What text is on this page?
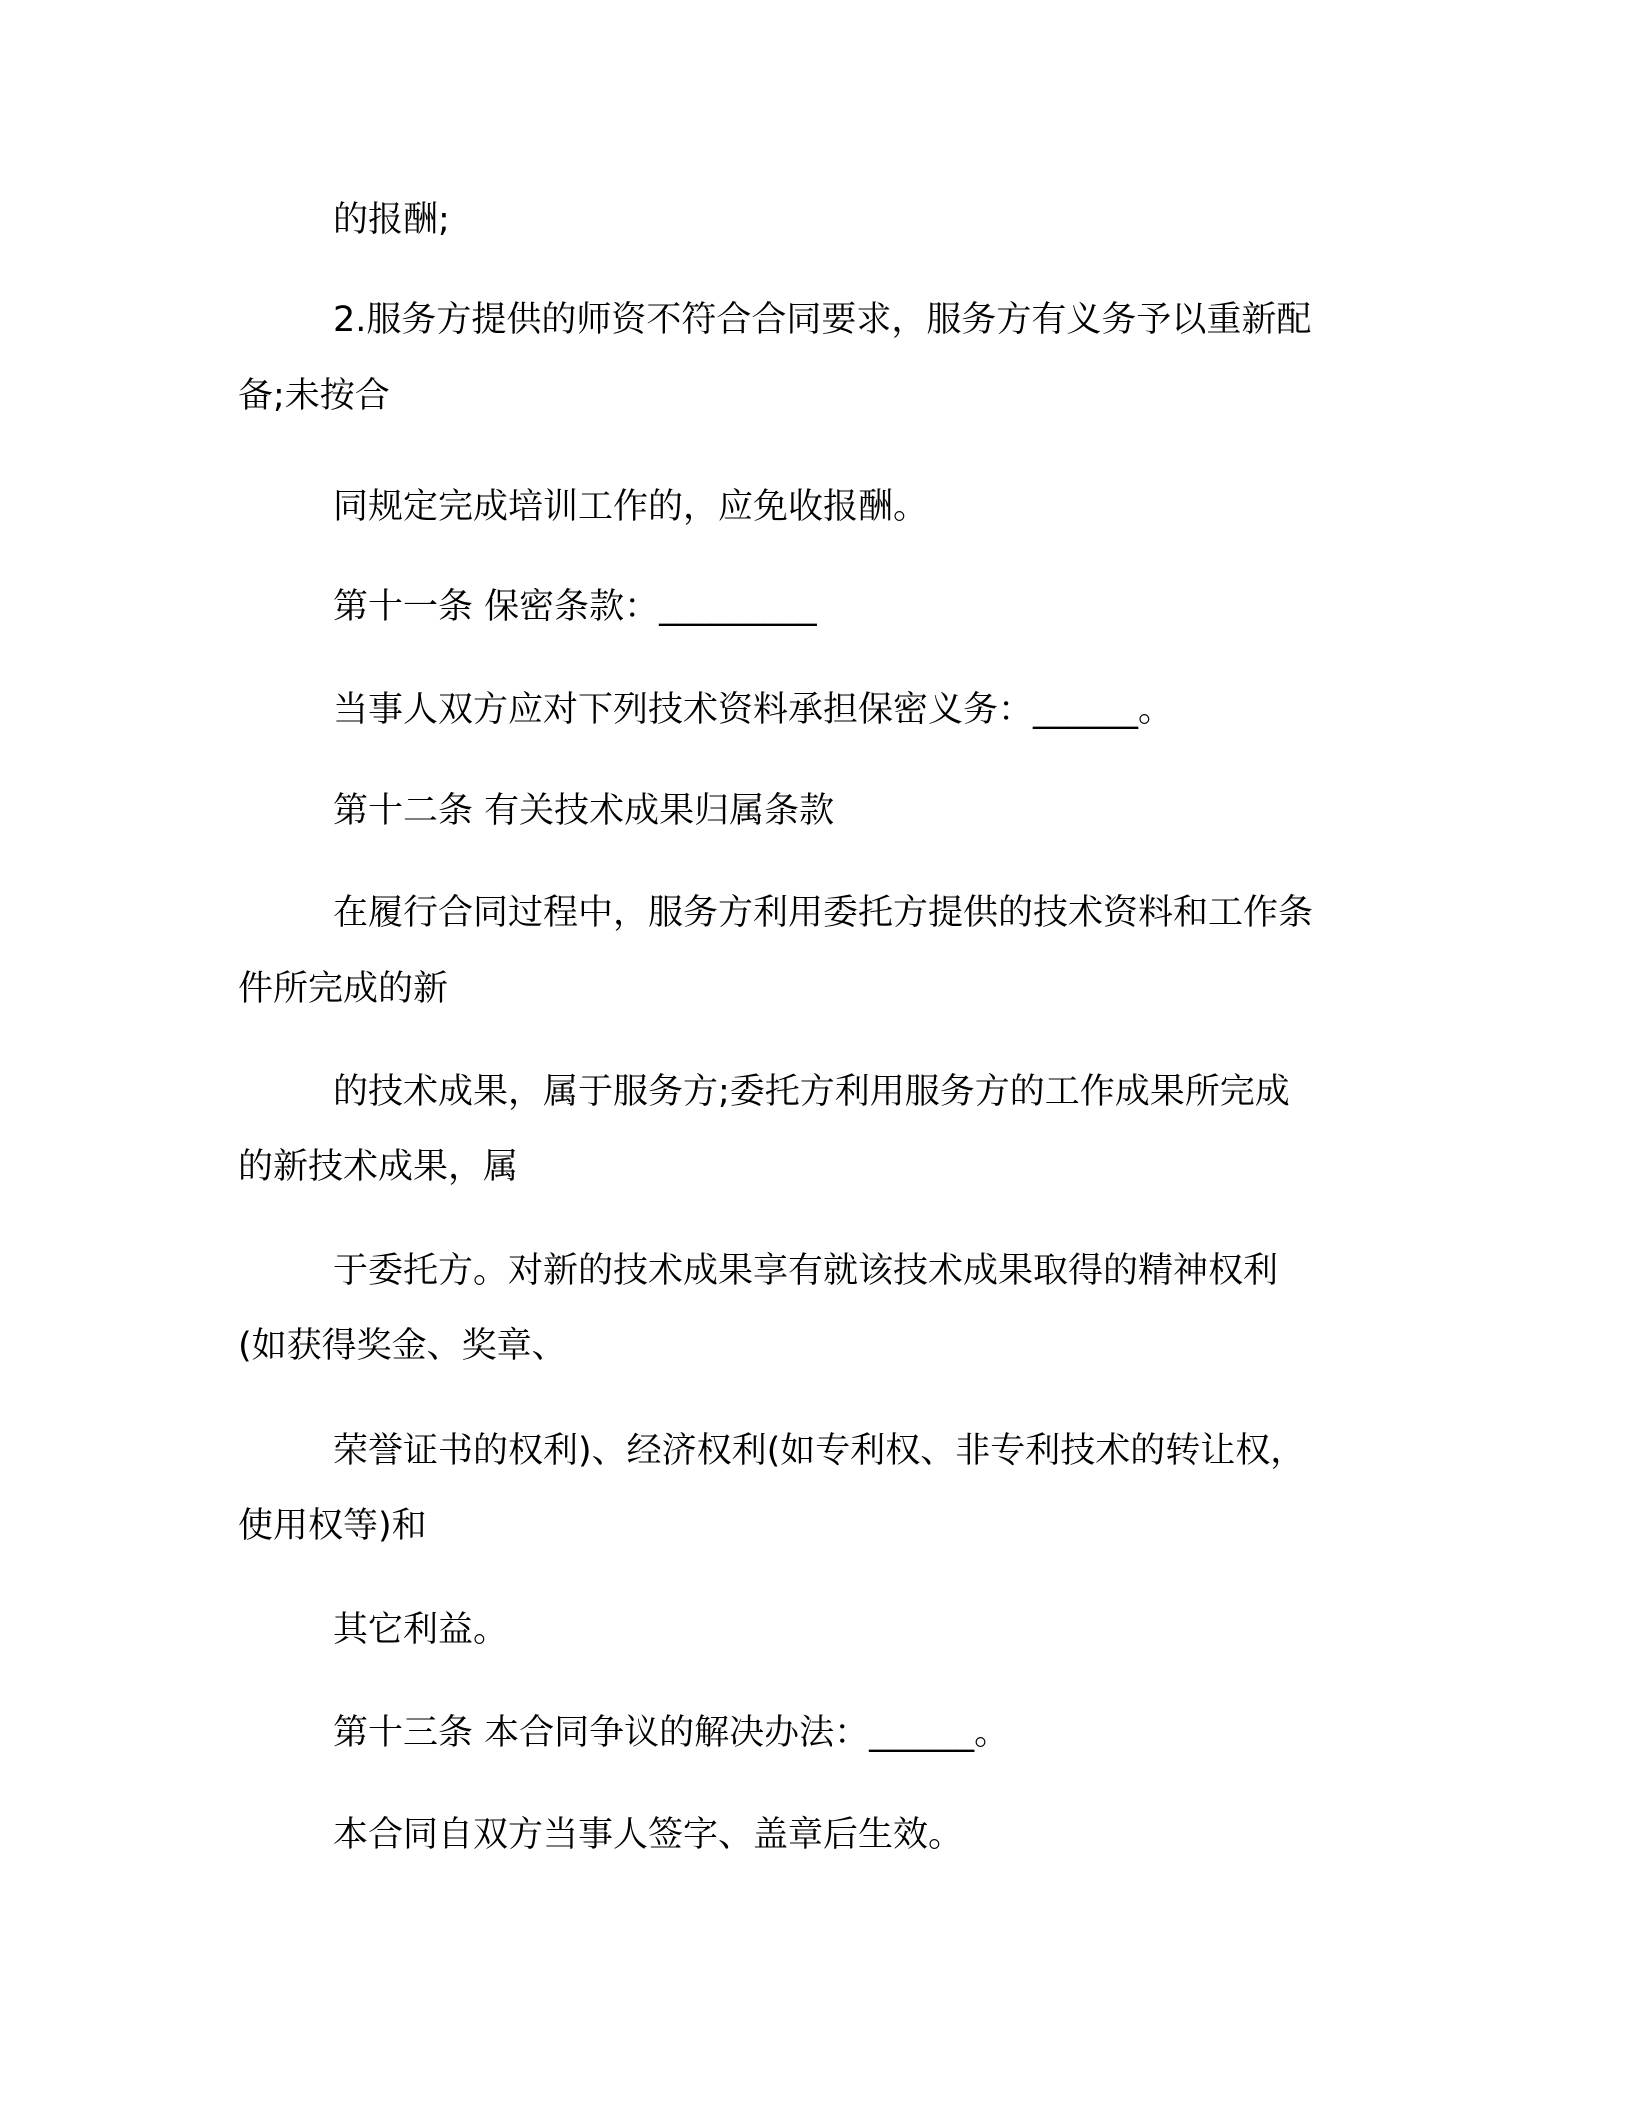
的报酬;
2.服务方提供的师资不符合合同要求，服务方有义务予以重新配
备;未按合
同规定完成培训工作的，应免收报酬。
第十一条 保密条款：_________
当事人双方应对下列技术资料承担保密义务：______。
第十二条 有关技术成果归属条款
在履行合同过程中，服务方利用委托方提供的技术资料和工作条
件所完成的新
的技术成果，属于服务方;委托方利用服务方的工作成果所完成
的新技术成果，属
于委托方。对新的技术成果享有就该技术成果取得的精神权利
(如获得奖金、奖章、
荣誉证书的权利)、经济权利(如专利权、非专利技术的转让权，
使用权等)和
其它利益。
第十三条 本合同争议的解决办法：______。
本合同自双方当事人签字、盖章后生效。
